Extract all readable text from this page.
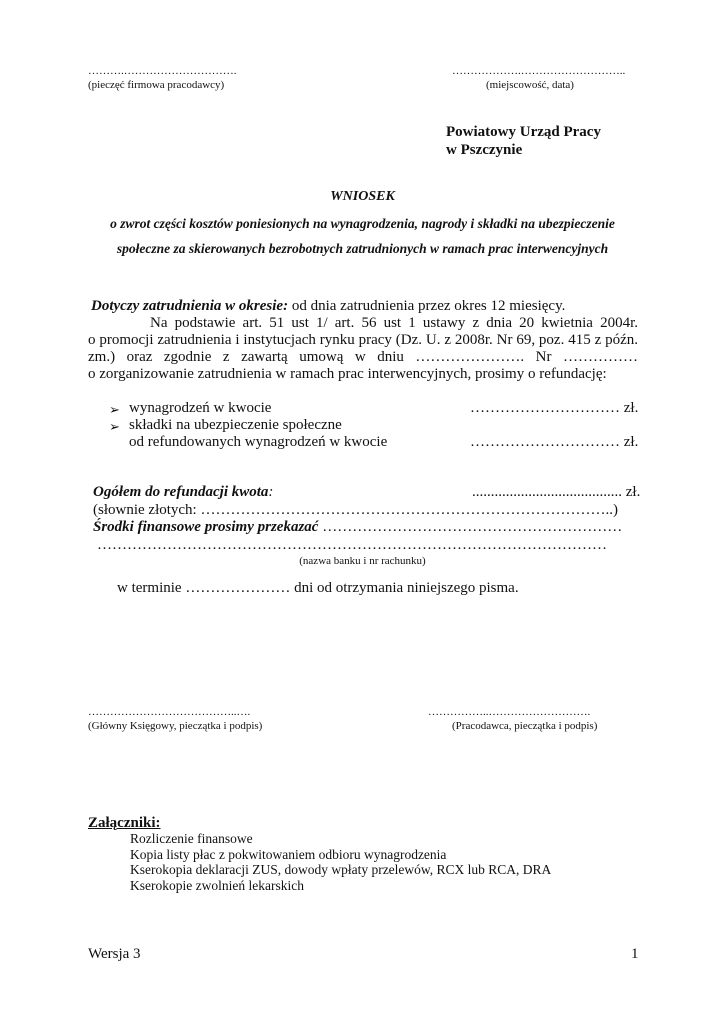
……….………………………….
(pieczęć firmowa pracodawcy)
……………….………………………..
(miejscowość, data)
Powiatowy Urząd Pracy
w Pszczynie
WNIOSEK
o zwrot części kosztów poniesionych na wynagrodzenia, nagrody i składki na ubezpieczenie
społeczne za skierowanych bezrobotnych zatrudnionych w ramach prac interwencyjnych
Dotyczy zatrudnienia w okresie: od dnia zatrudnienia przez okres 12 miesięcy.
Na podstawie art. 51 ust 1/ art. 56 ust 1 ustawy z dnia 20 kwietnia 2004r.
o promocji zatrudnienia i instytucjach rynku pracy (Dz. U. z 2008r. Nr 69, poz. 415 z późn.
zm.) oraz zgodnie z zawartą umową w dniu …………………. Nr ……………
o zorganizowanie zatrudnienia w ramach prac interwencyjnych, prosimy o refundację:
➢ wynagrodzeń w kwocie	………………………… zł.
➢ składki na ubezpieczenie społeczne
od refundowanych wynagrodzeń w kwocie	………………………… zł.
Ogółem do refundacji kwota:	........................................ zł.
(słownie złotych: ………………………………………………………………………..)
Środki finansowe prosimy przekazać ……………………………………………………
…………………………………………………………………………………………
(nazwa banku i nr rachunku)
w terminie ………………… dni od otrzymania niniejszego pisma.
…………………………………..….
(Główny Księgowy, pieczątka i podpis)
……………..……………………….
(Pracodawca, pieczątka i podpis)
Załączniki:
Rozliczenie finansowe
Kopia listy płac z pokwitowaniem odbioru wynagrodzenia
Kserokopia deklaracji ZUS, dowody wpłaty przelewów, RCX lub RCA, DRA
Kserokopie zwolnień lekarskich
Wersja 3	1
